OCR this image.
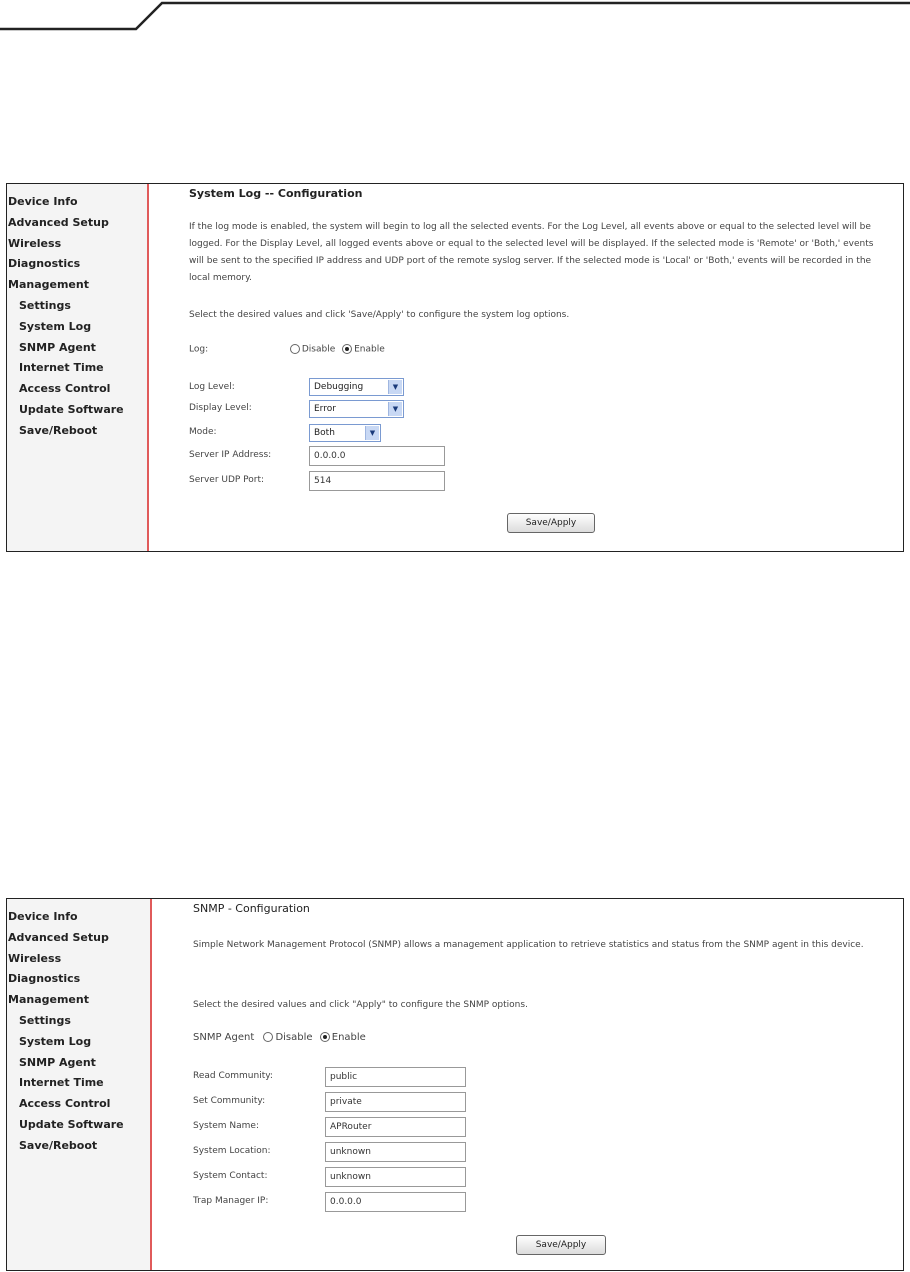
Device Info
Advanced Setup
Wireless
Diagnostics
Management
Settings
System Log
SNMP Agent
Internet Time
Access Control
Update Software
Save/Reboot
System Log -- Configuration
If the log mode is enabled, the system will begin to log all the selected events. For the Log Level, all events above or equal to the selected level will be logged. For the Display Level, all logged events above or equal to the selected level will be displayed. If the selected mode is 'Remote' or 'Both,' events will be sent to the specified IP address and UDP port of the remote syslog server. If the selected mode is 'Local' or 'Both,' events will be recorded in the local memory.
Select the desired values and click 'Save/Apply' to configure the system log options.
Log:	Disable Enable
Log Level:	Debugging	▼
Display Level:	Error	▼
Mode:	Both	▼
Server IP Address:	0.0.0.0
Server UDP Port:	514
Save/Apply
Device Info
Advanced Setup
Wireless
Diagnostics
Management
Settings
System Log
SNMP Agent
Internet Time
Access Control
Update Software
Save/Reboot
SNMP - Configuration
Simple Network Management Protocol (SNMP) allows a management application to retrieve statistics and status from the SNMP agent in this device.
Select the desired values and click "Apply" to configure the SNMP options.
SNMP Agent Disable Enable
Read Community:	public
Set Community:	private
System Name:	APRouter
System Location:	unknown
System Contact:	unknown
Trap Manager IP:	0.0.0.0
Save/Apply
